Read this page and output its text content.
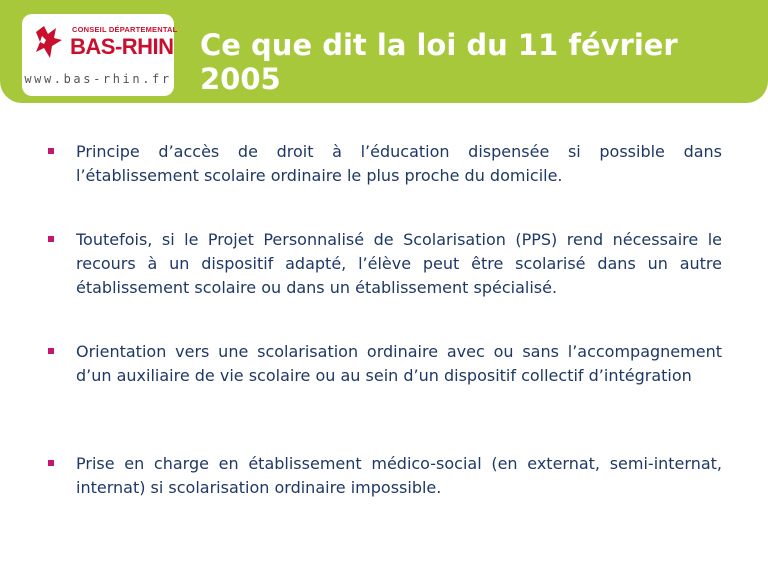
CONSEIL DÉPARTEMENTAL
BAS-RHIN
www.bas-rhin.fr
Ce que dit la loi du 11 février 2005
Principe d’accès de droit à l’éducation dispensée si possible dans l’établissement scolaire ordinaire le plus proche du domicile.
Toutefois, si le Projet Personnalisé de Scolarisation (PPS) rend nécessaire le recours à un dispositif adapté, l’élève peut être scolarisé dans un autre établissement scolaire ou dans un établissement spécialisé.
Orientation vers une scolarisation ordinaire avec ou sans l’accompagnement d’un auxiliaire de vie scolaire ou au sein d’un dispositif collectif d’intégration
Prise en charge en établissement médico-social (en externat, semi-internat, internat) si scolarisation ordinaire impossible.
